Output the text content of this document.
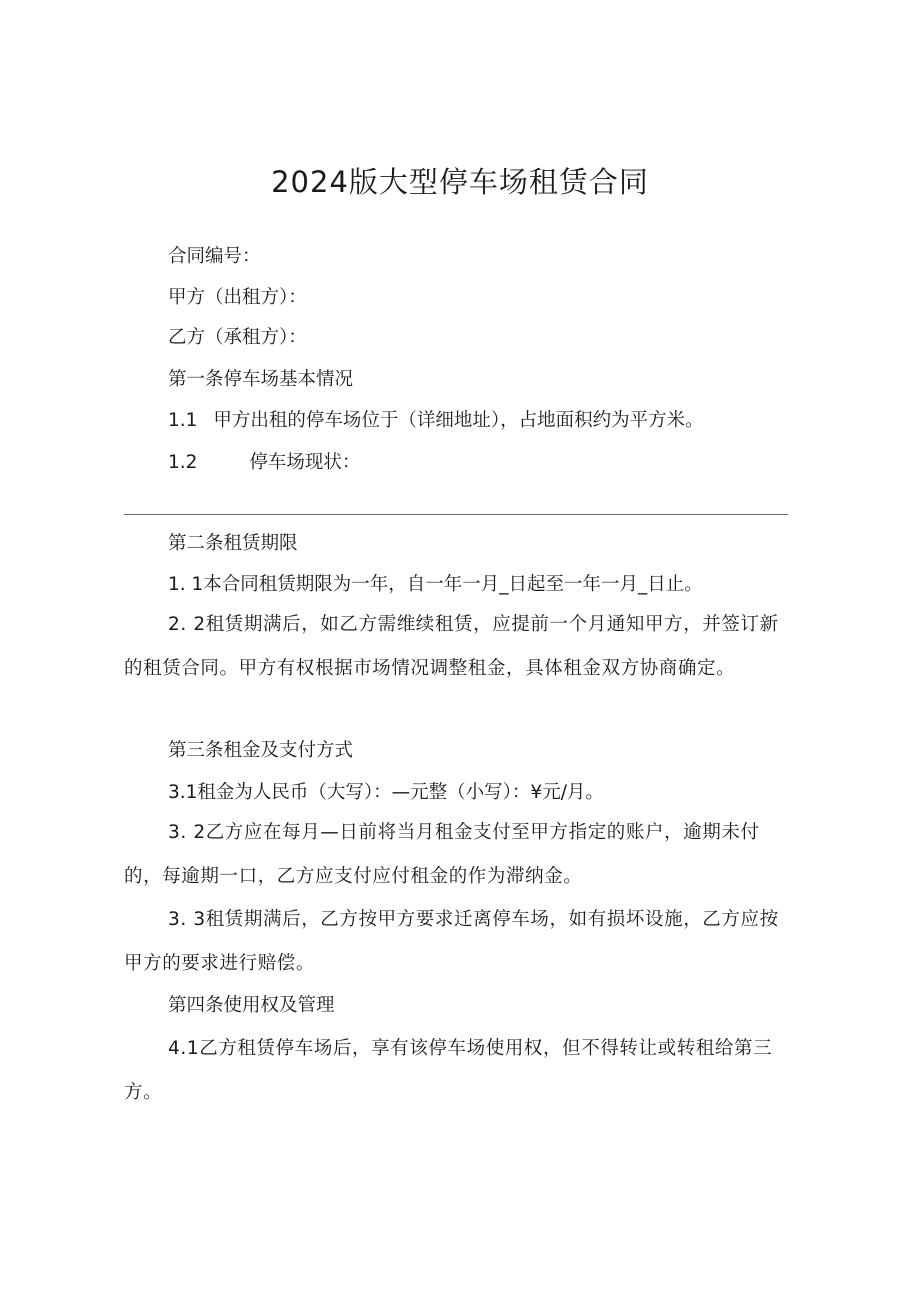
2024版大型停车场租赁合同
合同编号：
甲方（出租方）：
乙方（承租方）：
第一条停车场基本情况
1.1 甲方出租的停车场位于（详细地址），占地面积约为平方米。
1.2	停车场现状：
第二条租赁期限
1. 1本合同租赁期限为一年，自一年一月_日起至一年一月_日止。
2. 2租赁期满后，如乙方需维续租赁，应提前一个月通知甲方，并签订新的租赁合同。甲方有权根据市场情况调整租金，具体租金双方协商确定。
第三条租金及支付方式
3.1租金为人民币（大写）：—元整（小写）：¥元/月。
3. 2乙方应在每月—日前将当月租金支付至甲方指定的账户，逾期未付的，每逾期一口，乙方应支付应付租金的作为滞纳金。
3. 3租赁期满后，乙方按甲方要求迁离停车场，如有损坏设施，乙方应按甲方的要求进行赔偿。
第四条使用权及管理
4.1乙方租赁停车场后，享有该停车场使用权，但不得转让或转租给第三方。
